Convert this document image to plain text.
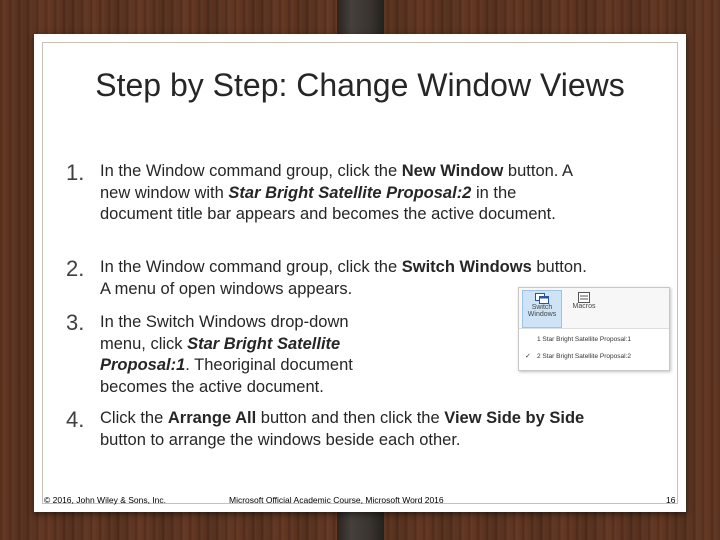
Step by Step: Change Window Views
1. In the Window command group, click the New Window button. A new window with Star Bright Satellite Proposal:2 in the document title bar appears and becomes the active document.
2. In the Window command group, click the Switch Windows button. A menu of open windows appears.
3. In the Switch Windows drop-down menu, click Star Bright Satellite Proposal:1. Theoriginal document becomes the active document.
4. Click the Arrange All button and then click the View Side by Side button to arrange the windows beside each other.
Switch
Windows
Macros
1 Star Bright Satellite Proposal:1
✓ 2 Star Bright Satellite Proposal:2
© 2016, John Wiley & Sons, Inc.	Microsoft Official Academic Course, Microsoft Word 2016	16
